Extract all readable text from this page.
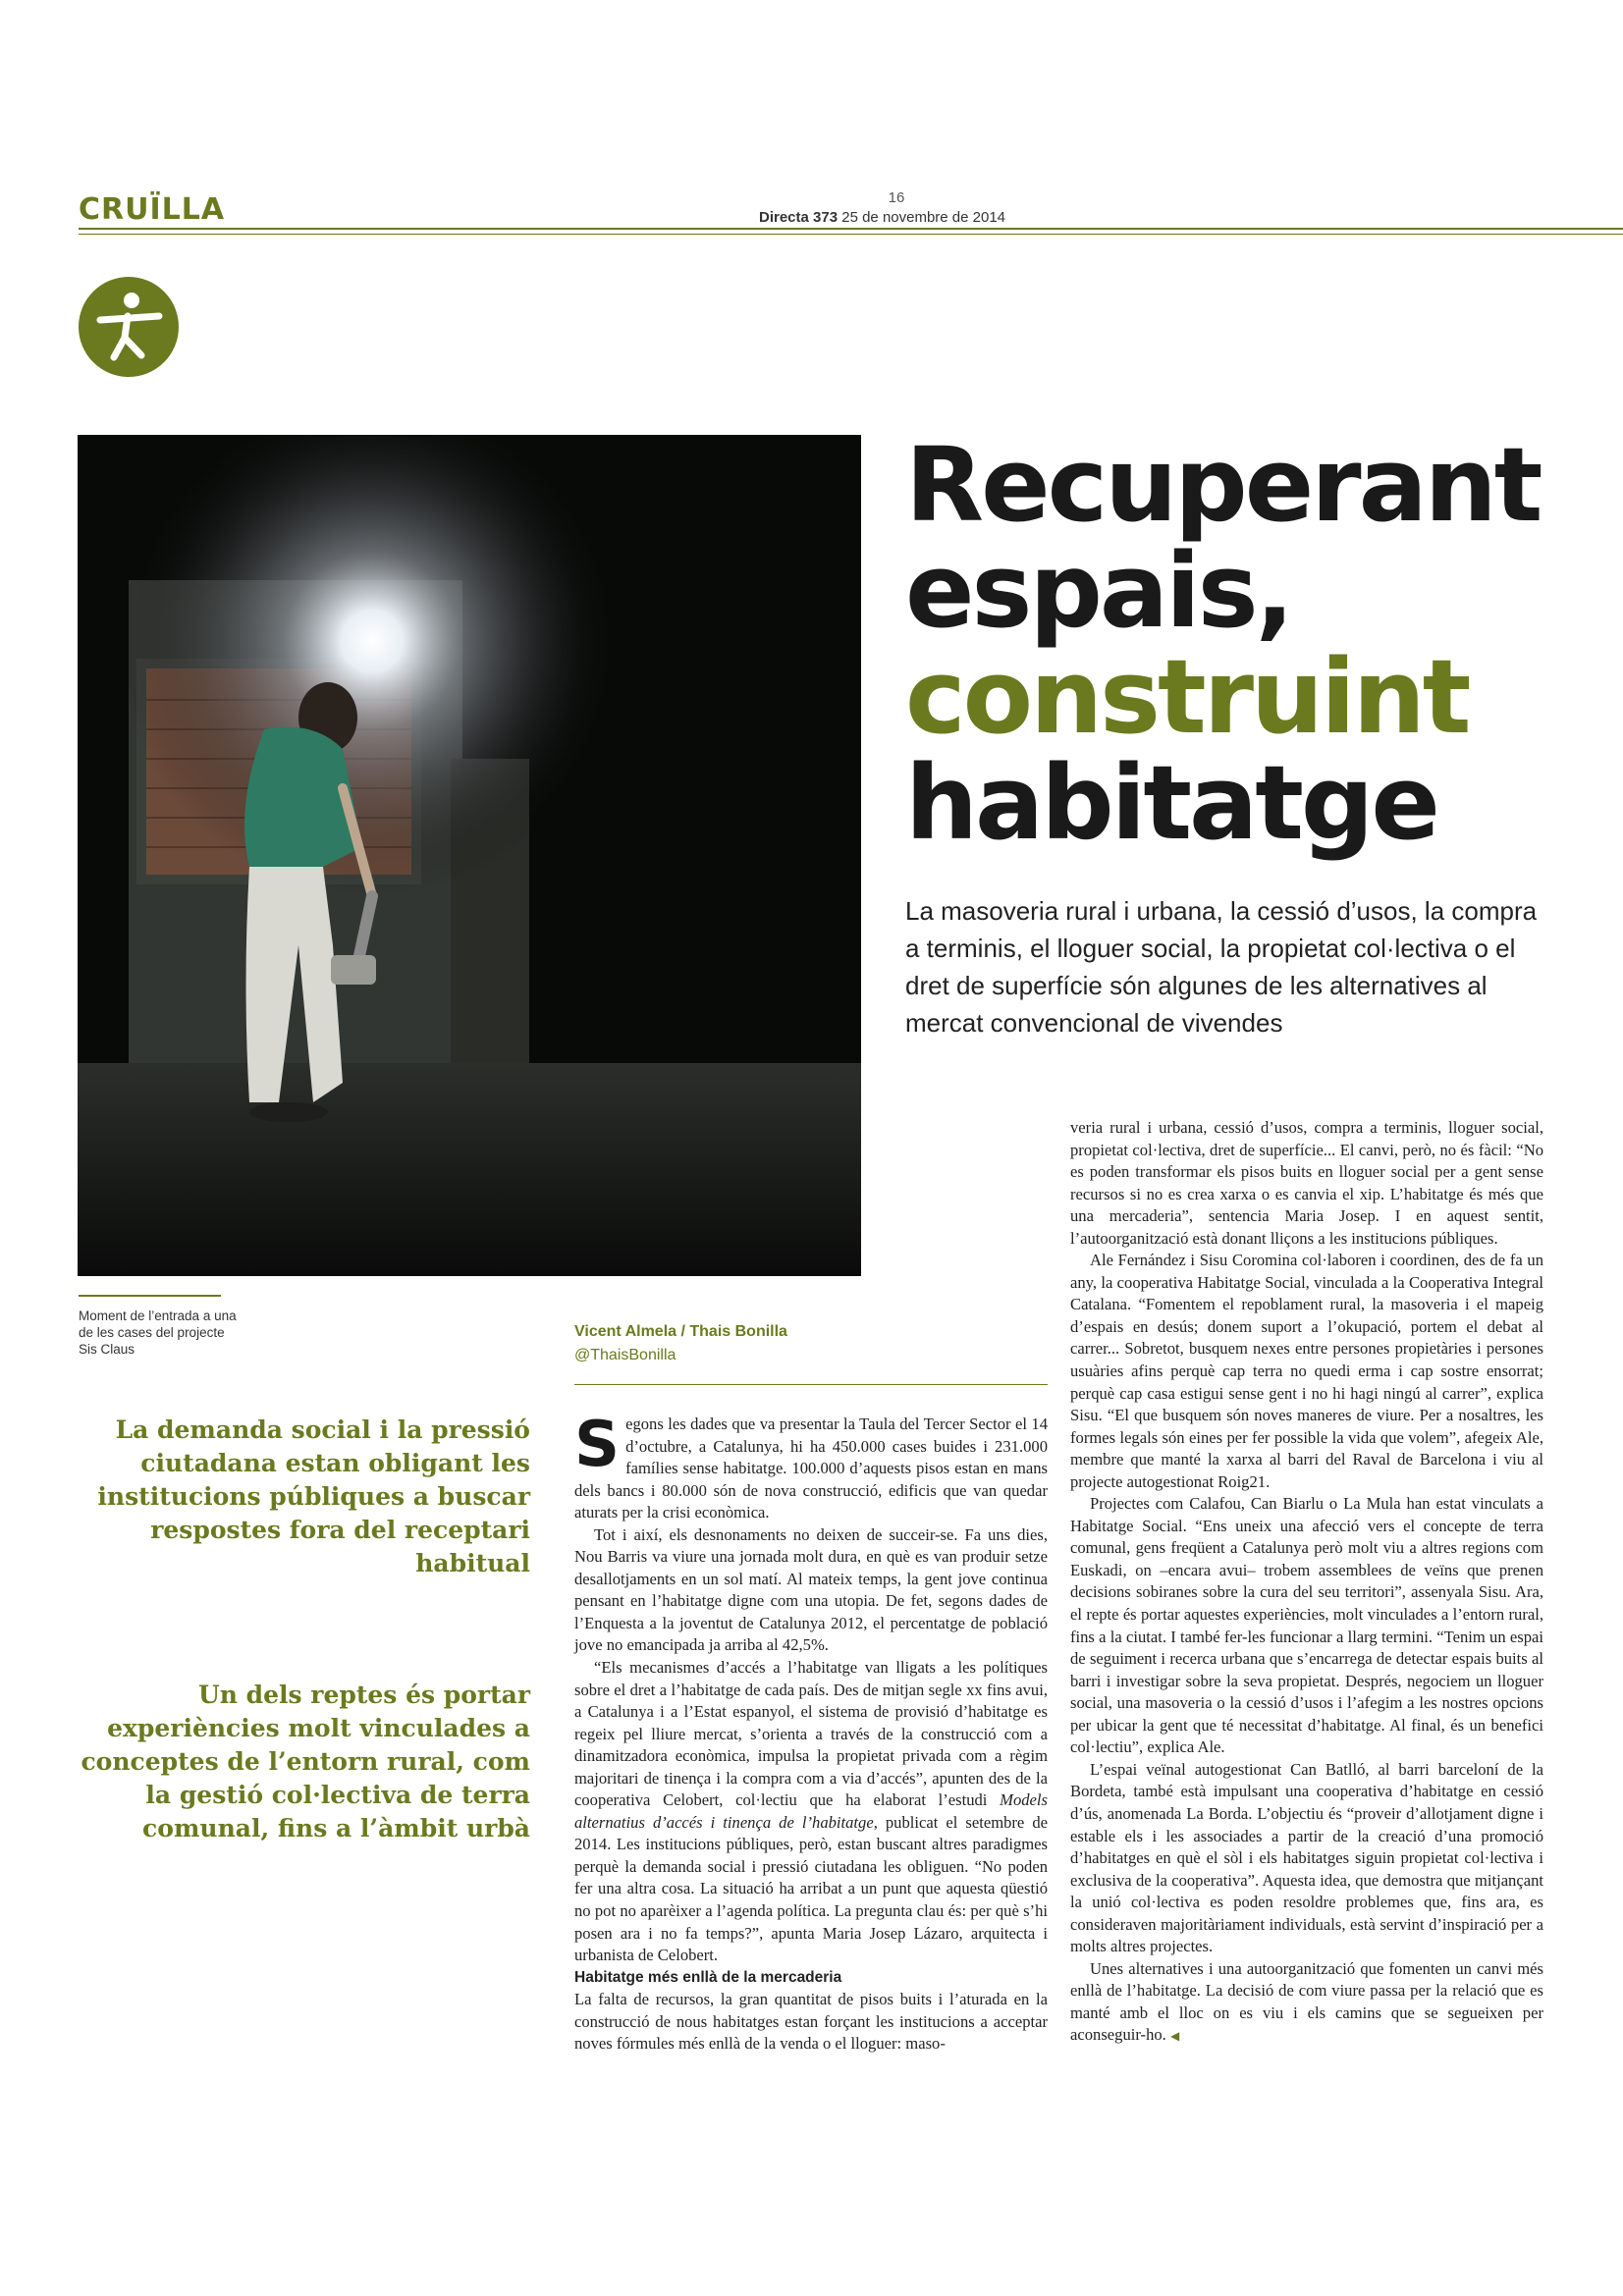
CRUÏLLA	16
Directa 373 25 de novembre de 2014
Recuperant
espais,
construint
habitatge
La masoveria rural i urbana, la cessió d’usos, la compra a terminis, el lloguer social, la propietat col·lectiva o el dret de superfície són algunes de les alternatives al mercat convencional de vivendes
Moment de l’entrada a una de les cases del projecte Sis Claus
La demanda social i la pressió ciutadana estan obligant les institucions públiques a buscar respostes fora del receptari habitual
Un dels reptes és portar experiències molt vinculades a conceptes de l’entorn rural, com la gestió col·lectiva de terra comunal, fins a l’àmbit urbà
Vicent Almela / Thais Bonilla
@ThaisBonilla

Segons les dades que va presentar la Taula del Tercer Sector el 14 d’octubre, a Catalunya, hi ha 450.000 cases buides i 231.000 famílies sense habitatge. 100.000 d’aquests pisos estan en mans dels bancs i 80.000 són de nova construcció, edificis que van quedar aturats per la crisi econòmica.

Tot i així, els desnonaments no deixen de succeir-se. Fa uns dies, Nou Barris va viure una jornada molt dura, en què es van produir setze desallotjaments en un sol matí. Al mateix temps, la gent jove continua pensant en l’habitatge digne com una utopia. De fet, segons dades de l’Enquesta a la joventut de Catalunya 2012, el percentatge de població jove no emancipada ja arriba al 42,5%.

“Els mecanismes d’accés a l’habitatge van lligats a les polítiques sobre el dret a l’habitatge de cada país. Des de mitjan segle xx fins avui, a Catalunya i a l’Estat espanyol, el sistema de provisió d’habitatge es regeix pel lliure mercat, s’orienta a través de la construcció com a dinamitzadora econòmica, impulsa la propietat privada com a règim majoritari de tinença i la compra com a via d’accés”, apunten des de la cooperativa Celobert, col·lectiu que ha elaborat l’estudi Models alternatius d’accés i tinença de l’habitatge, publicat el setembre de 2014. Les institucions públiques, però, estan buscant altres paradigmes perquè la demanda social i pressió ciutadana les obliguen. “No poden fer una altra cosa. La situació ha arribat a un punt que aquesta qüestió no pot no aparèixer a l’agenda política. La pregunta clau és: per què s’hi posen ara i no fa temps?”, apunta Maria Josep Lázaro, arquitecta i urbanista de Celobert.

Habitatge més enllà de la mercaderia

La falta de recursos, la gran quantitat de pisos buits i l’aturada en la construcció de nous habitatges estan forçant les institucions a acceptar noves fórmules més enllà de la venda o el lloguer: maso-

veria rural i urbana, cessió d’usos, compra a terminis, lloguer social, propietat col·lectiva, dret de superfície... El canvi, però, no és fàcil: “No es poden transformar els pisos buits en lloguer social per a gent sense recursos si no es crea xarxa o es canvia el xip. L’habitatge és més que una mercaderia”, sentencia Maria Josep. I en aquest sentit, l’autoorganització està donant lliçons a les institucions públiques.

Ale Fernández i Sisu Coromina col·laboren i coordinen, des de fa un any, la cooperativa Habitatge Social, vinculada a la Cooperativa Integral Catalana. “Fomentem el repoblament rural, la masoveria i el mapeig d’espais en desús; donem suport a l’okupació, portem el debat al carrer... Sobretot, busquem nexes entre persones propietàries i persones usuàries afins perquè cap terra no quedi erma i cap sostre ensorrat; perquè cap casa estigui sense gent i no hi hagi ningú al carrer”, explica Sisu. “El que busquem són noves maneres de viure. Per a nosaltres, les formes legals són eines per fer possible la vida que volem”, afegeix Ale, membre que manté la xarxa al barri del Raval de Barcelona i viu al projecte autogestionat Roig21.

Projectes com Calafou, Can Biarlu o La Mula han estat vinculats a Habitatge Social. “Ens uneix una afecció vers el concepte de terra comunal, gens freqüent a Catalunya però molt viu a altres regions com Euskadi, on –encara avui– trobem assemblees de veïns que prenen decisions sobiranes sobre la cura del seu territori”, assenyala Sisu. Ara, el repte és portar aquestes experiències, molt vinculades a l’entorn rural, fins a la ciutat. I també fer-les funcionar a llarg termini. “Tenim un espai de seguiment i recerca urbana que s’encarrega de detectar espais buits al barri i investigar sobre la seva propietat. Després, negociem un lloguer social, una masoveria o la cessió d’usos i l’afegim a les nostres opcions per ubicar la gent que té necessitat d’habitatge. Al final, és un benefici col·lectiu”, explica Ale.

L’espai veïnal autogestionat Can Batlló, al barri barceloní de la Bordeta, també està impulsant una cooperativa d’habitatge en cessió d’ús, anomenada La Borda. L’objectiu és “proveir d’allotjament digne i estable els i les associades a partir de la creació d’una promoció d’habitatges en què el sòl i els habitatges siguin propietat col·lectiva i exclusiva de la cooperativa”. Aquesta idea, que demostra que mitjançant la unió col·lectiva es poden resoldre problemes que, fins ara, es consideraven majoritàriament individuals, està servint d’inspiració per a molts altres projectes.

Unes alternatives i una autoorganització que fomenten un canvi més enllà de l’habitatge. La decisió de com viure passa per la relació que es manté amb el lloc on es viu i els camins que se segueixen per aconseguir-ho. ◀
